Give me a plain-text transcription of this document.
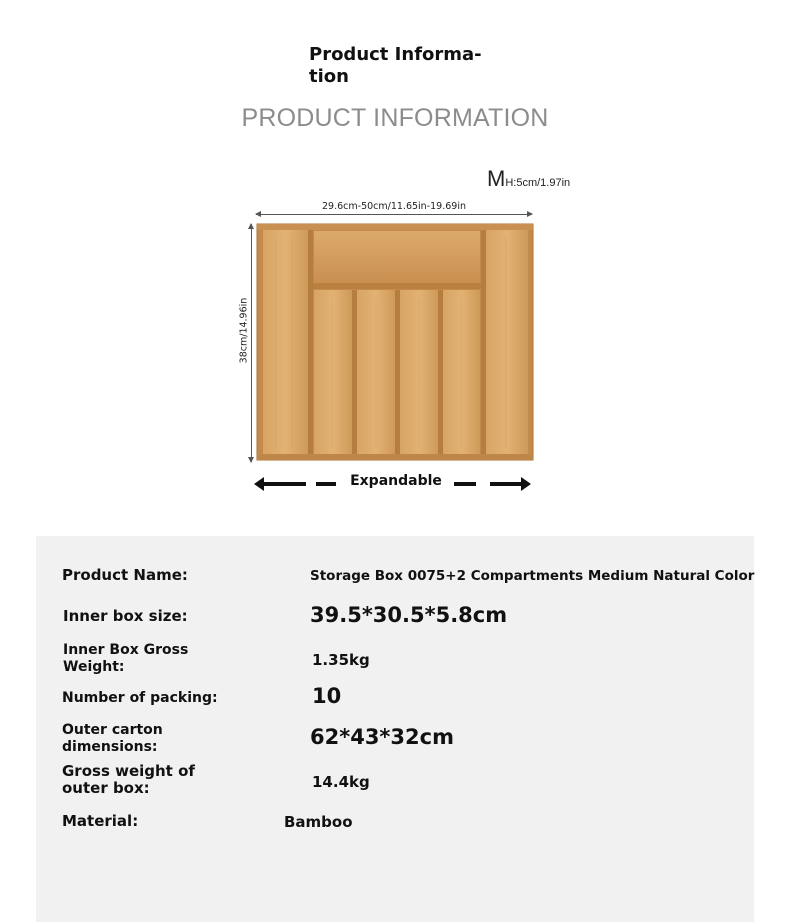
Product Informa-tion
PRODUCT INFORMATION
MH:5cm/1.97in
29.6cm-50cm/11.65in-19.69in
38cm/14.96in
Expandable
Product Name:	Storage Box 0075+2 Compartments Medium Natural Color
Inner box size:	39.5*30.5*5.8cm
Inner Box Gross Weight:	1.35kg
Number of packing:	10
Outer carton dimensions:	62*43*32cm
Gross weight of outer box:	14.4kg
Material:	Bamboo
